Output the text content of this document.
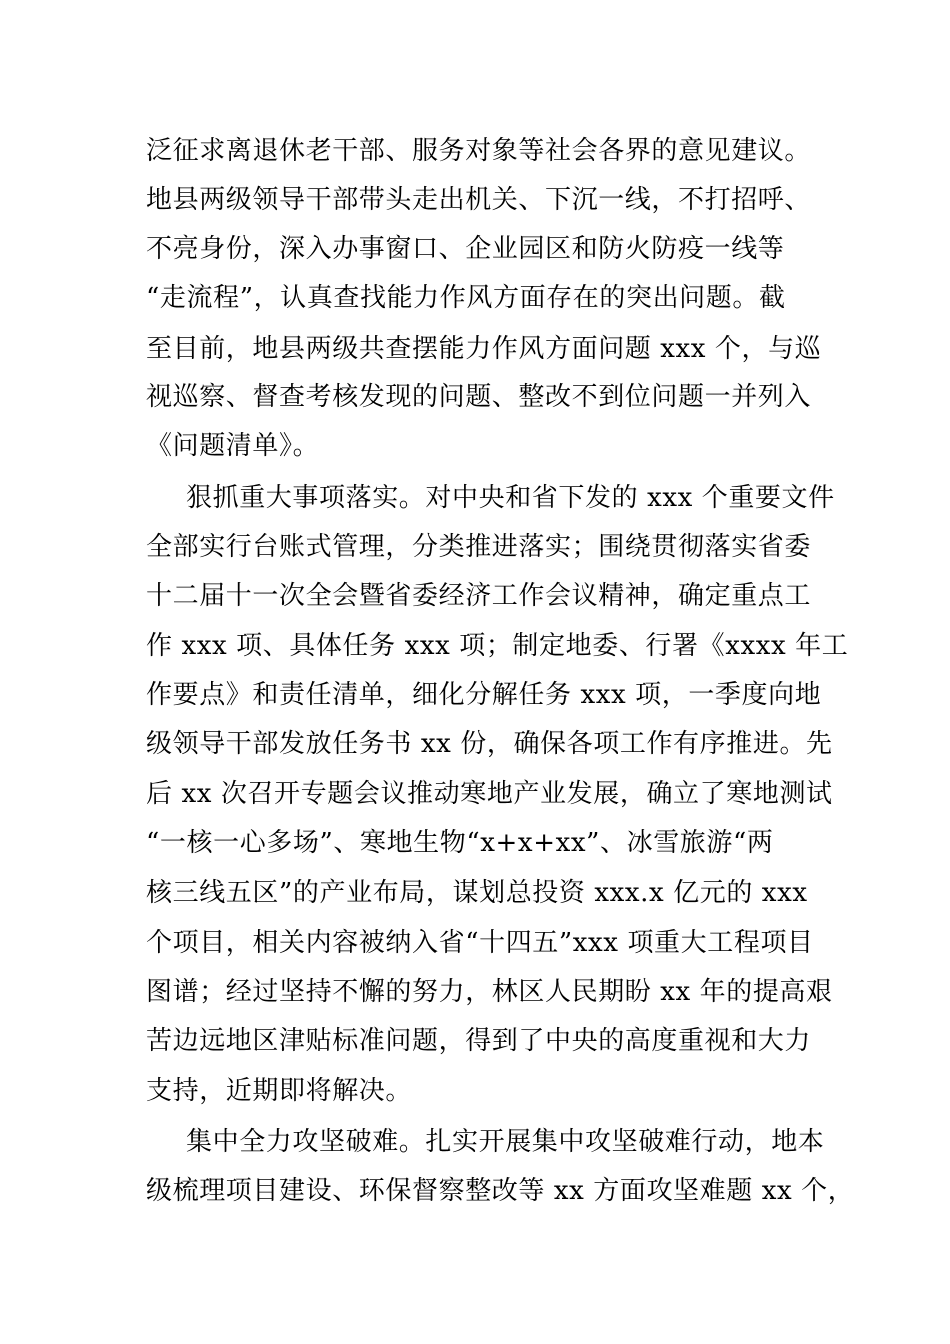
泛征求离退休老干部、服务对象等社会各界的意见建议。
地县两级领导干部带头走出机关、下沉一线，不打招呼、
不亮身份，深入办事窗口、企业园区和防火防疫一线等
“走流程”，认真查找能力作风方面存在的突出问题。截
至目前，地县两级共查摆能力作风方面问题 xxx 个，与巡
视巡察、督查考核发现的问题、整改不到位问题一并列入
《问题清单》。
狠抓重大事项落实。对中央和省下发的 xxx 个重要文件
全部实行台账式管理，分类推进落实；围绕贯彻落实省委
十二届十一次全会暨省委经济工作会议精神，确定重点工
作 xxx 项、具体任务 xxx 项；制定地委、行署《xxxx 年工
作要点》和责任清单，细化分解任务 xxx 项，一季度向地
级领导干部发放任务书 xx 份，确保各项工作有序推进。先
后 xx 次召开专题会议推动寒地产业发展，确立了寒地测试
“一核一心多场”、寒地生物“x+x+xx”、冰雪旅游“两
核三线五区”的产业布局，谋划总投资 xxx.x 亿元的 xxx
个项目，相关内容被纳入省“十四五”xxx 项重大工程项目
图谱；经过坚持不懈的努力，林区人民期盼 xx 年的提高艰
苦边远地区津贴标准问题，得到了中央的高度重视和大力
支持，近期即将解决。
集中全力攻坚破难。扎实开展集中攻坚破难行动，地本
级梳理项目建设、环保督察整改等 xx 方面攻坚难题 xx 个，
